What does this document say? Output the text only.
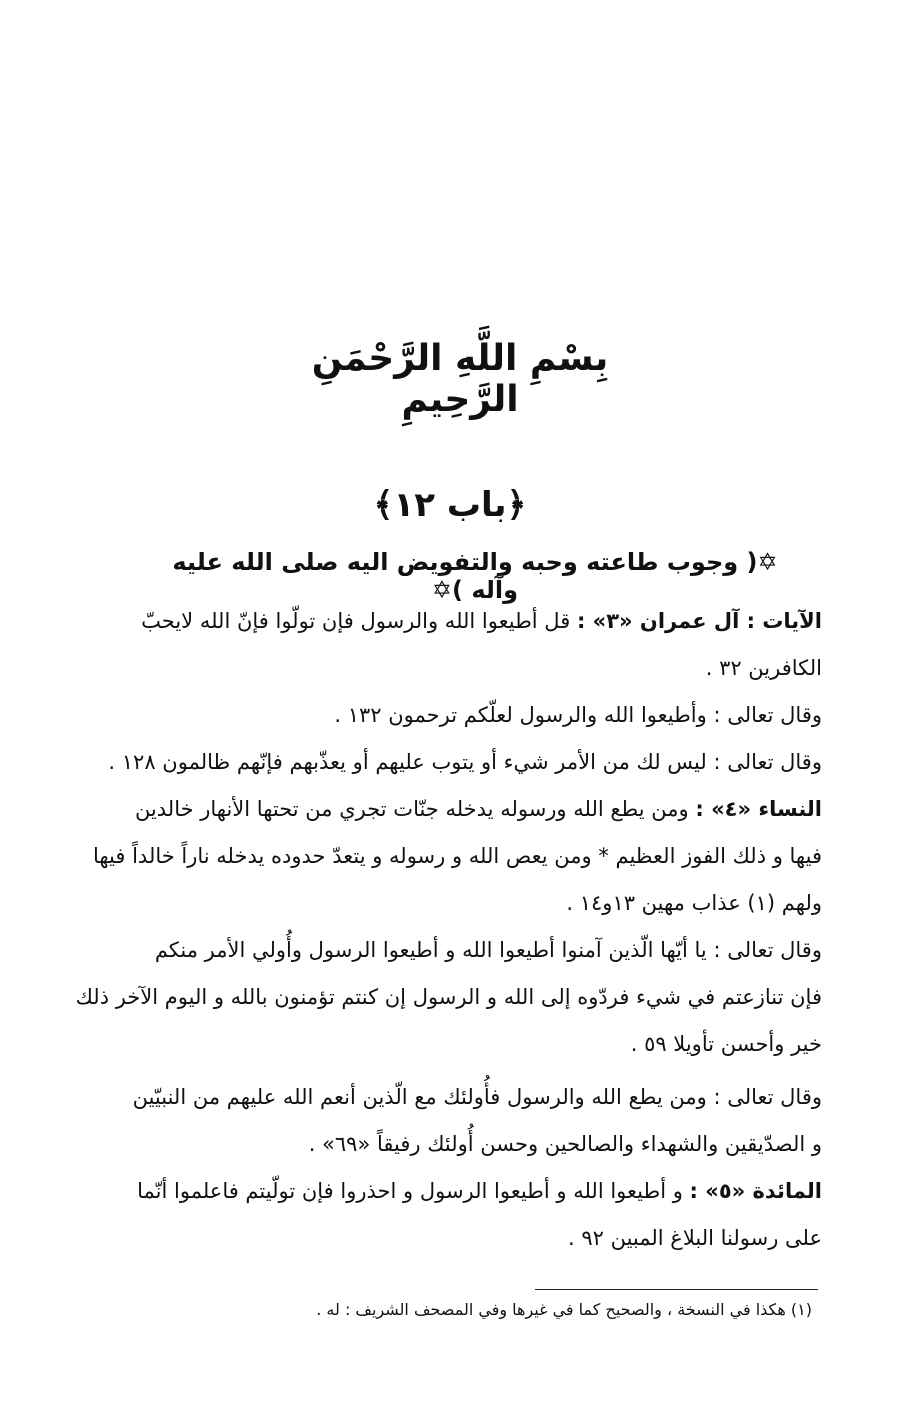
بِسْمِ اللَّهِ الرَّحْمَنِ الرَّحِيمِ
﴿باب ١٢﴾
✡( وجوب طاعته وحبه والتفويض اليه صلى الله عليه وآله )✡
الآيات : آل عمران «٣» : قل أطيعوا الله والرسول فإن تولّوا فإنّ الله لايحبّ
الكافرين ٣٢ .
وقال تعالى : وأطيعوا الله والرسول لعلّكم ترحمون ١٣٢ .
وقال تعالى : ليس لك من الأمر شيء أو يتوب عليهم أو يعذّبهم فإنّهم ظالمون ١٢٨ .
النساء «٤» : ومن يطع الله ورسوله يدخله جنّات تجري من تحتها الأنهار خالدين
فيها و ذلك الفوز العظيم * ومن يعص الله و رسوله و يتعدّ حدوده يدخله ناراً خالداً فيها
ولهم (١) عذاب مهين ١٣و١٤ .
وقال تعالى : يا أيّها الّذين آمنوا أطيعوا الله و أطيعوا الرسول وأُولي الأمر منكم
فإن تنازعتم في شيء فردّوه إلى الله و الرسول إن كنتم تؤمنون بالله و اليوم الآخر ذلك
خير وأحسن تأويلا ٥٩ .
وقال تعالى : ومن يطع الله والرسول فأُولئك مع الّذين أنعم الله عليهم من النبيّين
و الصدّيقين والشهداء والصالحين وحسن أُولئك رفيقاً «٦٩» .
المائدة «٥» : و أطيعوا الله و أطيعوا الرسول و احذروا فإن تولّيتم فاعلموا أنّما
على رسولنا البلاغ المبين ٩٢ .
(١) هكذا في النسخة ، والصحيح كما في غيرها وفي المصحف الشريف : له .
